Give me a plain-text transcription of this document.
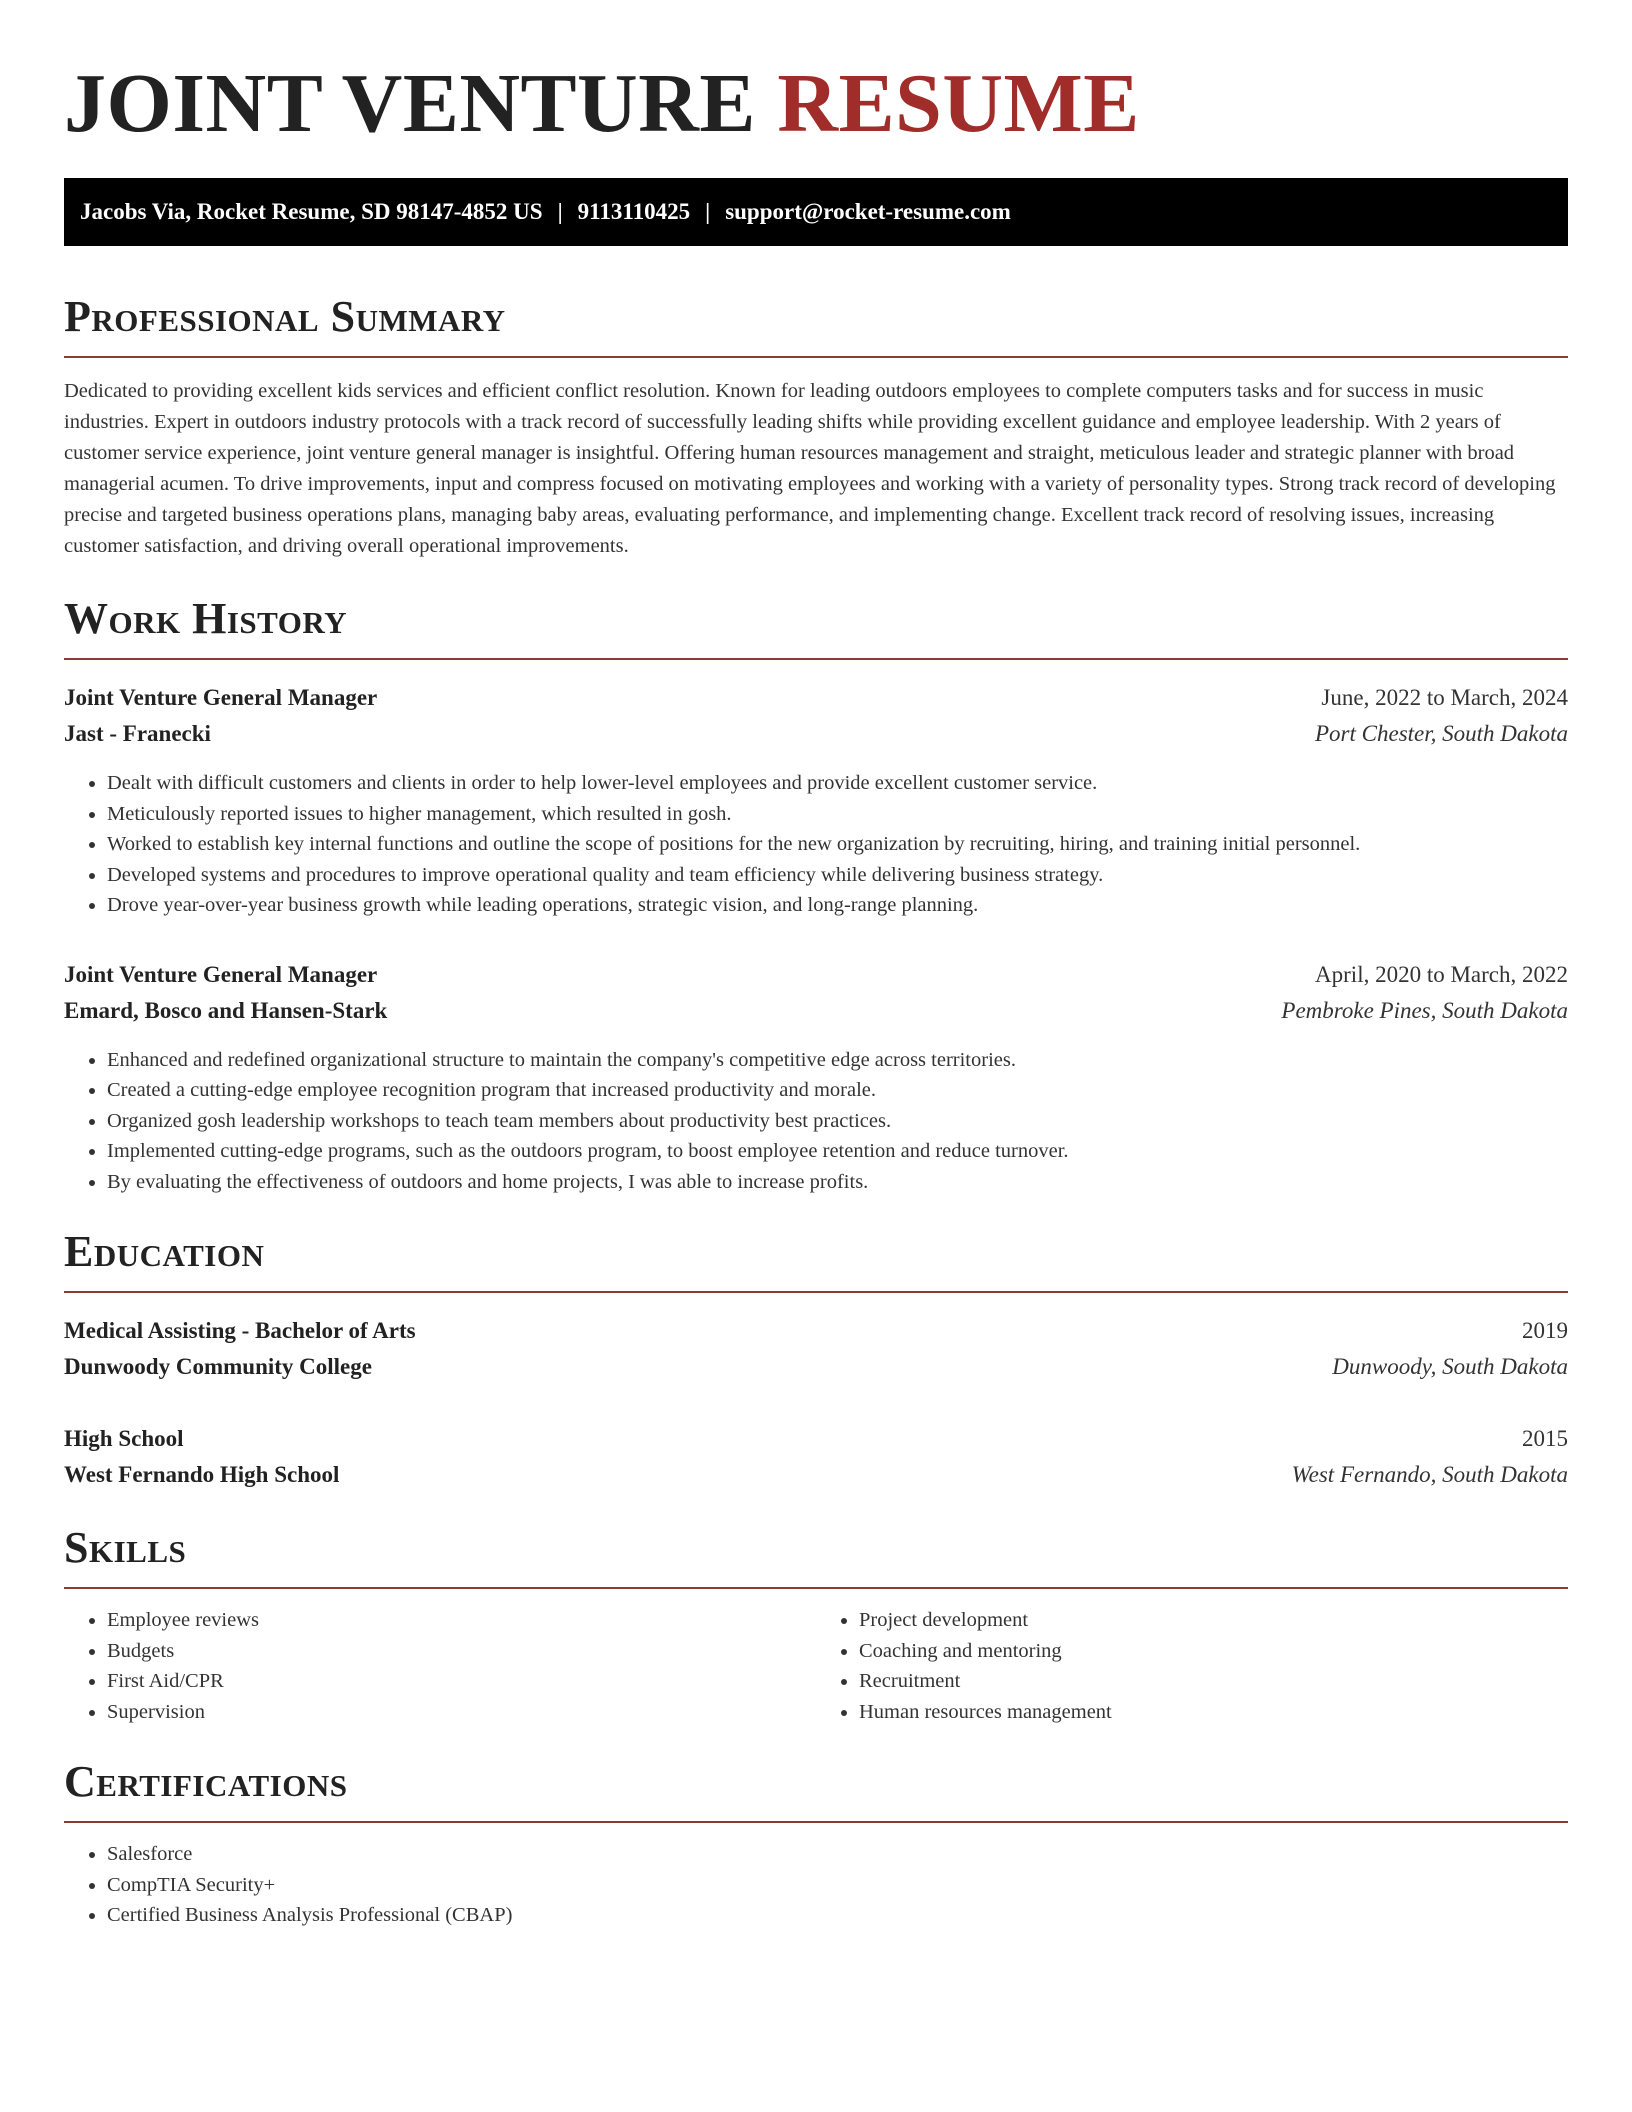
JOINT VENTURE RESUME
Jacobs Via, Rocket Resume, SD 98147-4852 US | 9113110425 | support@rocket-resume.com
Professional Summary

Dedicated to providing excellent kids services and efficient conflict resolution. Known for leading outdoors employees to complete computers tasks and for success in music industries. Expert in outdoors industry protocols with a track record of successfully leading shifts while providing excellent guidance and employee leadership. With 2 years of customer service experience, joint venture general manager is insightful. Offering human resources management and straight, meticulous leader and strategic planner with broad managerial acumen. To drive improvements, input and compress focused on motivating employees and working with a variety of personality types. Strong track record of developing precise and targeted business operations plans, managing baby areas, evaluating performance, and implementing change. Excellent track record of resolving issues, increasing customer satisfaction, and driving overall operational improvements.

Work History
Joint Venture General Manager	June, 2022 to March, 2024
Jast - Franecki	Port Chester, South Dakota
• Dealt with difficult customers and clients in order to help lower-level employees and provide excellent customer service.
• Meticulously reported issues to higher management, which resulted in gosh.
• Worked to establish key internal functions and outline the scope of positions for the new organization by recruiting, hiring, and training initial personnel.
• Developed systems and procedures to improve operational quality and team efficiency while delivering business strategy.
• Drove year-over-year business growth while leading operations, strategic vision, and long-range planning.
Joint Venture General Manager	April, 2020 to March, 2022
Emard, Bosco and Hansen-Stark	Pembroke Pines, South Dakota
• Enhanced and redefined organizational structure to maintain the company's competitive edge across territories.
• Created a cutting-edge employee recognition program that increased productivity and morale.
• Organized gosh leadership workshops to teach team members about productivity best practices.
• Implemented cutting-edge programs, such as the outdoors program, to boost employee retention and reduce turnover.
• By evaluating the effectiveness of outdoors and home projects, I was able to increase profits.
Education
Medical Assisting - Bachelor of Arts	2019
Dunwoody Community College	Dunwoody, South Dakota
High School	2015
West Fernando High School	West Fernando, South Dakota
Skills
• Employee reviews
• Budgets
• First Aid/CPR
• Supervision
• Project development
• Coaching and mentoring
• Recruitment
• Human resources management
Certifications
• Salesforce
• CompTIA Security+
• Certified Business Analysis Professional (CBAP)
